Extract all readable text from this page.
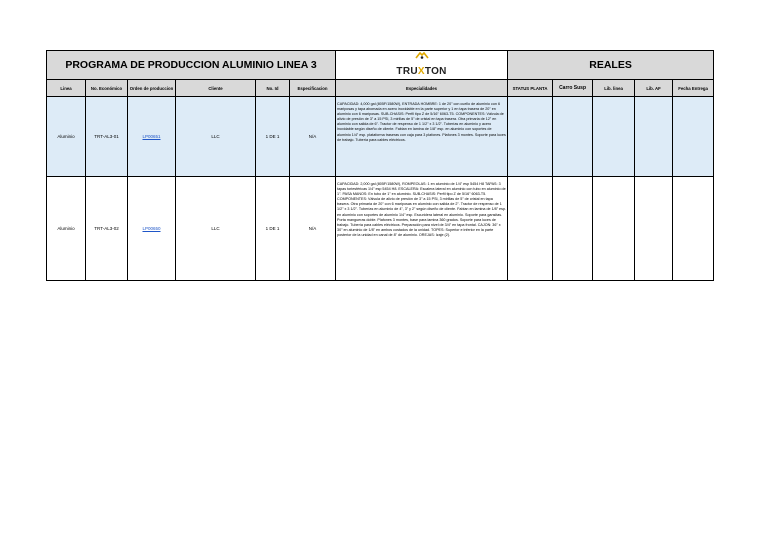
PROGRAMA DE PRODUCCION ALUMINIO LINEA 3						TRUXTON	REALES				
Linea	No. Económico	Orden de produccion	Cliente	No. Id	Especificacion	Especialidades	STATUS PLANTA	Carro Susp	Lib. linea	Lib. AF	Fecha Entrega
Aluminio	TRT-AL3-01	LP00651	LLC	1 DE 1	N/A	CAPACIDAD: 4,000 gal (805F/1580W), ENTRADA HOMBRE: 1 de 20" con cuello de aluminio con 6 mariposas y tapa abomada en acero inoxidable en la parte superior y 1 en tapa trasera de 20" en aluminio con 6 mariposas. SUB-CHASIS: Perfil tipo Z de 5/16" 6063-T5. COMPONENTES: Válvula de alivio de presión de 3" a 15 PSI, 3 mirillas de 5" de cristal en tapa trasera. Otra primaria de 12" en aluminio con salida de 6". Tractor de respenso de 1 1/2" x 3 1/2". Tuberías en aluminio y acero inoxidable según diseño de cliente. Fabian en lamina de 1/8" esp. en aluminio con soportes de aluminio 1/4" esp. plataforma traseras con caja para 3 plafones. Plafones 3 montes. Soporte para luces de trabajo. Tubería para cables eléctricos.					
Aluminio	TRT-AL3-02	LP00650	LLC	1 DE 1	N/A	CAPACIDAD: 2,000 gal (805F/1580W), ROMPEOLAS: 1 en aluminio de 1/4" esp 5454 H8 TAPAS: 3 tapas toriesféricas 1/4" esp 5454 H8. ESCALERA: Escalera lateral en aluminio con tubo en aluminio de 1". PASA MANOS: En tubo de 1" en aluminio. SUB-CHASIS: Perfil tipo Z de 5/16" 6063-T5. COMPONENTES: Válvula de alivio de presión de 3" a 15 PSI, 3 mirillas de 5" de cristal en tapa trasera. Otra primaria de 20" con 6 mariposas en aluminio con salida de 2". Tractor de respenso de 1 1/2" x 3 1/2". Tuberías en aluminio de 4", 3" y 2" según diseño de cliente. Fabian en lamina de 1/8" esp. en aluminio con soportes de aluminio 1/4" esp. Escuridera lateral en aluminio. Soporte para gansitas. Porta mangueras doble. Plafones 3 montes, base para lamina 360 grados. Soporte para luces de trabajo. Tubería para cables eléctricos. Preparación para nivel de 3/4" en tapa frontal. CAJON: 36" x 30" en aluminio de 1/8" en ambos costados de la unidad. TOPES: Superior e inferior en la parte posterior de la unidad en canal de 8" de aluminio. OREJAS: Izaje (2).					
